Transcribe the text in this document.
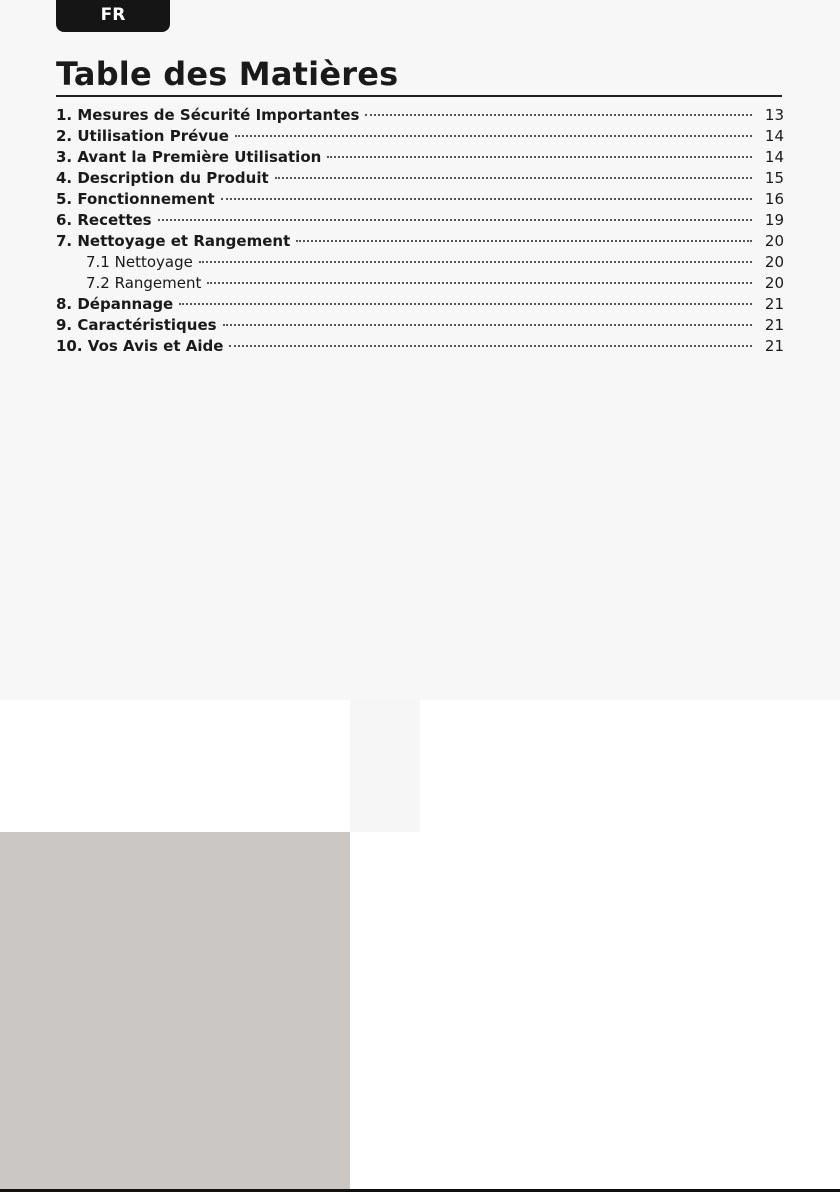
FR
Table des Matières
1. Mesures de Sécurité Importantes	13
2. Utilisation Prévue	14
3. Avant la Première Utilisation	14
4. Description du Produit	15
5. Fonctionnement	16
6. Recettes	19
7. Nettoyage et Rangement	20
7.1 Nettoyage	20
7.2 Rangement	20
8. Dépannage	21
9. Caractéristiques	21
10. Vos Avis et Aide	21
